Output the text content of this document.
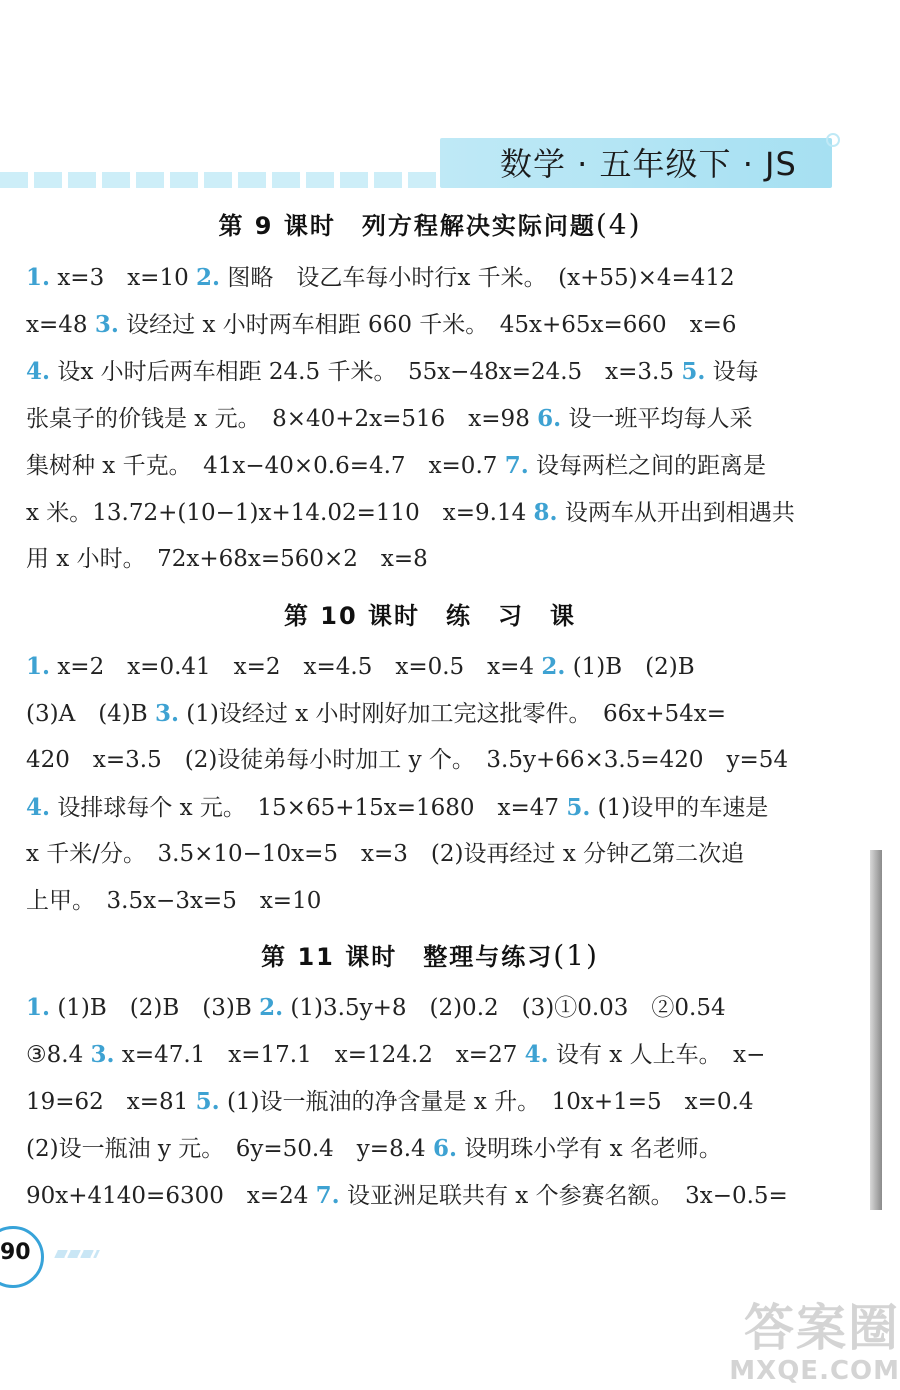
数学 · 五年级下 · JS
第 9 课时　列方程解决实际问题(4)
1. x=3　x=10 2. 图略　设乙车每小时行x 千米。　(x+55)×4=412
x=48 3. 设经过 x 小时两车相距 660 千米。　45x+65x=660　x=6
4. 设x 小时后两车相距 24.5 千米。　55x−48x=24.5　x=3.5 5. 设每
张桌子的价钱是 x 元。　8×40+2x=516　x=98 6. 设一班平均每人采
集树种 x 千克。　41x−40×0.6=4.7　x=0.7 7. 设每两栏之间的距离是
x 米。13.72+(10−1)x+14.02=110　x=9.14 8. 设两车从开出到相遇共
用 x 小时。　72x+68x=560×2　x=8
第 10 课时　练　习　课
1. x=2　x=0.41　x=2　x=4.5　x=0.5　x=4 2. (1)B　(2)B
(3)A　(4)B 3. (1)设经过 x 小时刚好加工完这批零件。　66x+54x=
420　x=3.5　(2)设徒弟每小时加工 y 个。　3.5y+66×3.5=420　y=54
4. 设排球每个 x 元。　15×65+15x=1680　x=47 5. (1)设甲的车速是
x 千米/分。　3.5×10−10x=5　x=3　(2)设再经过 x 分钟乙第二次追
上甲。　3.5x−3x=5　x=10
第 11 课时　整理与练习(1)
1. (1)B　(2)B　(3)B 2. (1)3.5y+8　(2)0.2　(3)①0.03　②0.54
③8.4 3. x=47.1　x=17.1　x=124.2　x=27 4. 设有 x 人上车。　x−
19=62　x=81 5. (1)设一瓶油的净含量是 x 升。　10x+1=5　x=0.4
(2)设一瓶油 y 元。　6y=50.4　y=8.4 6. 设明珠小学有 x 名老师。
90x+4140=6300　x=24 7. 设亚洲足联共有 x 个参赛名额。　3x−0.5=
90
答案圈
MXQE.COM
